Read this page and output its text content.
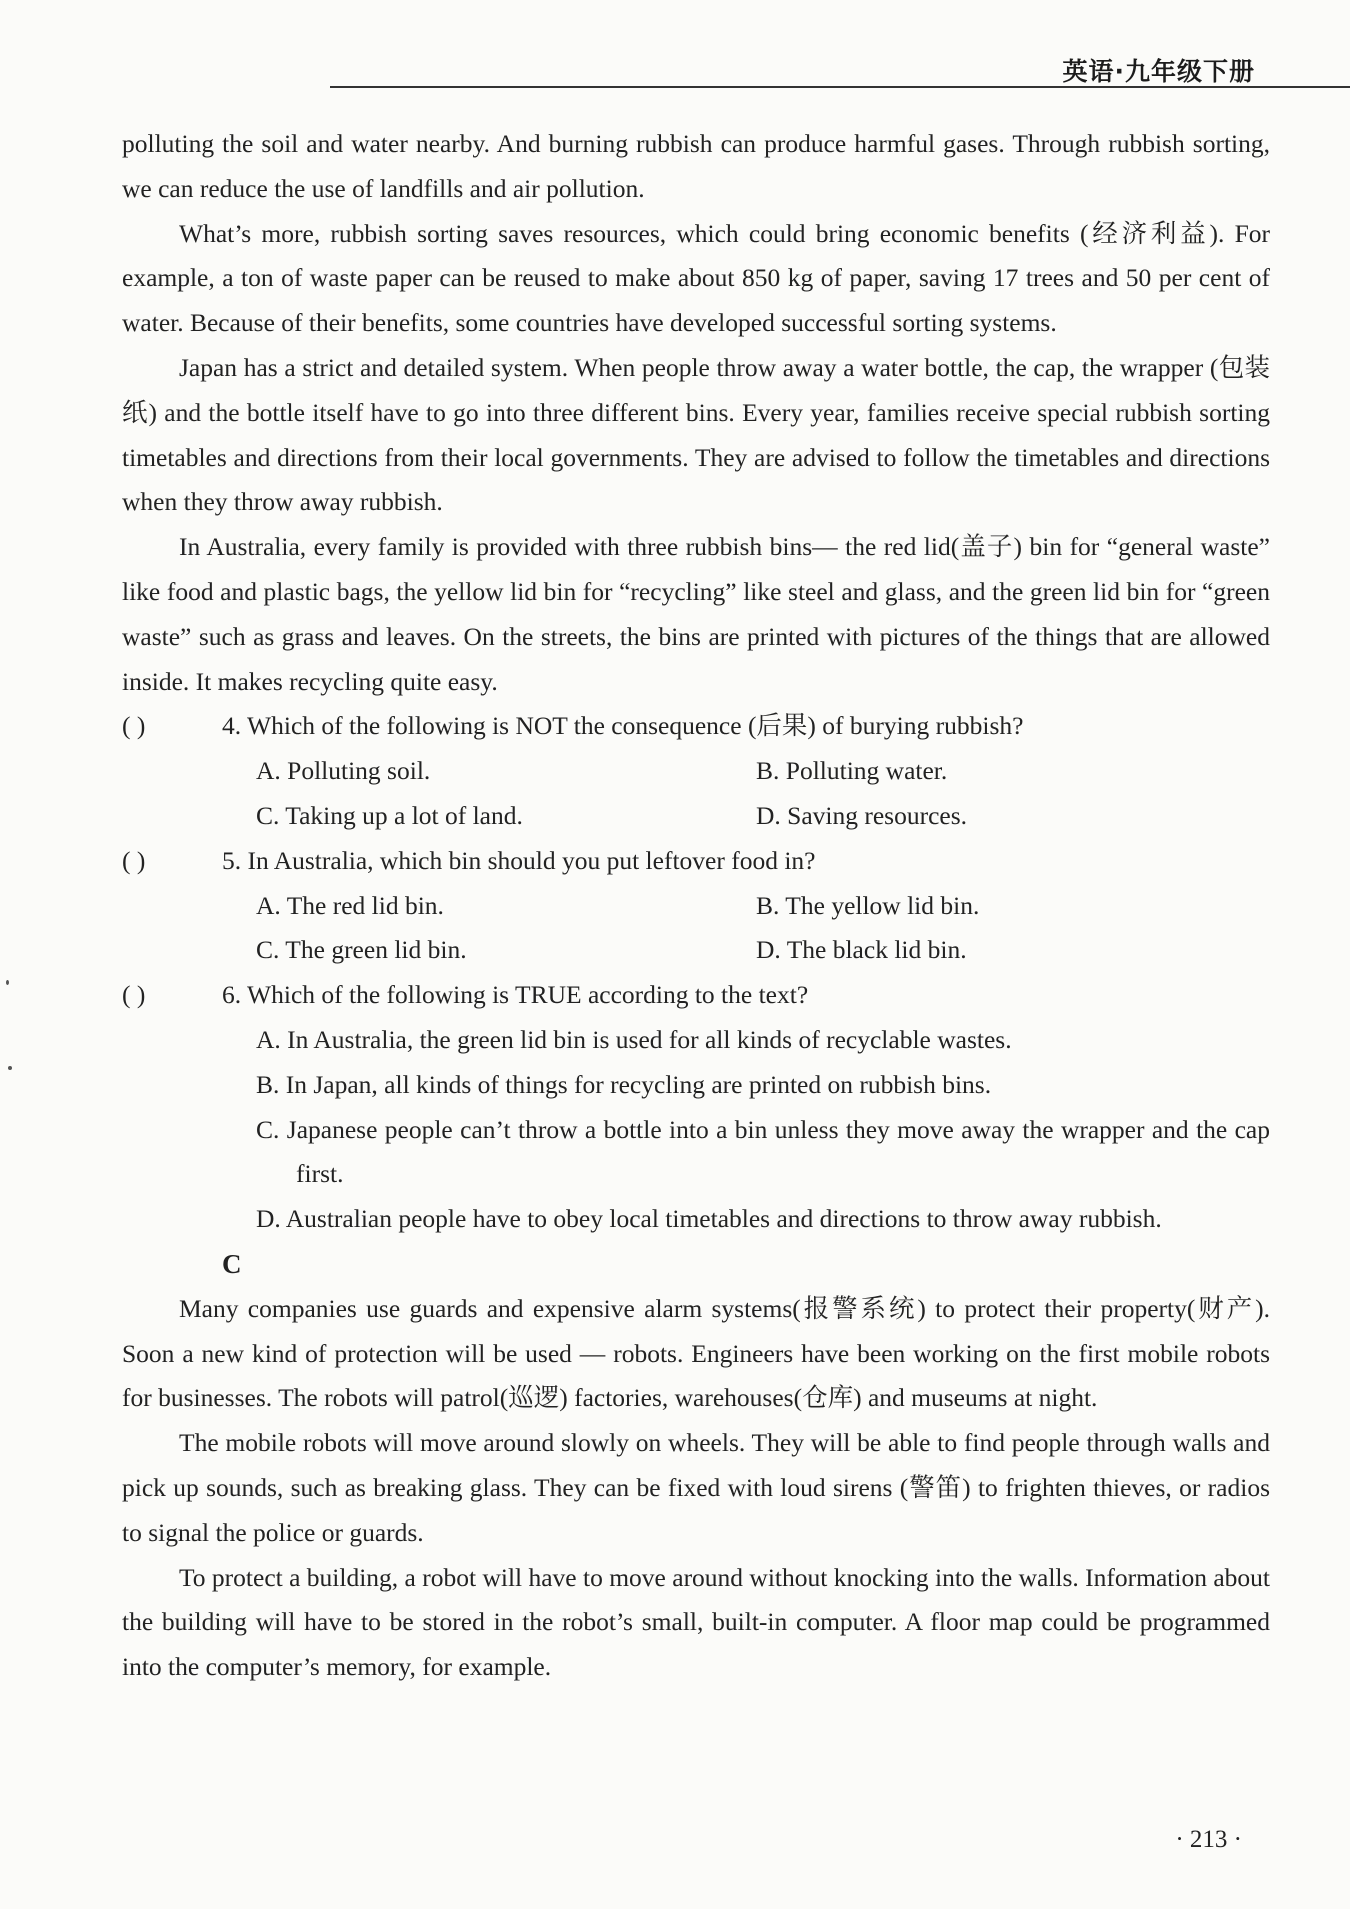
英语·九年级下册

polluting the soil and water nearby. And burning rubbish can produce harmful gases. Through rubbish sorting, we can reduce the use of landfills and air pollution.

What’s more, rubbish sorting saves resources, which could bring economic benefits (经济利益). For example, a ton of waste paper can be reused to make about 850 kg of paper, saving 17 trees and 50 per cent of water. Because of their benefits, some countries have developed successful sorting systems.

Japan has a strict and detailed system. When people throw away a water bottle, the cap, the wrapper (包装纸) and the bottle itself have to go into three different bins. Every year, families receive special rubbish sorting timetables and directions from their local governments. They are advised to follow the timetables and directions when they throw away rubbish.

In Australia, every family is provided with three rubbish bins— the red lid(盖子) bin for “general waste” like food and plastic bags, the yellow lid bin for “recycling” like steel and glass, and the green lid bin for “green waste” such as grass and leaves. On the streets, the bins are printed with pictures of the things that are allowed inside. It makes recycling quite easy.

( )	4. Which of the following is NOT the consequence (后果) of burying rubbish?

A. Polluting soil.	B. Polluting water.
C. Taking up a lot of land.	D. Saving resources.

( )	5. In Australia, which bin should you put leftover food in?

A. The red lid bin.	B. The yellow lid bin.
C. The green lid bin.	D. The black lid bin.

( )	6. Which of the following is TRUE according to the text?

A. In Australia, the green lid bin is used for all kinds of recyclable wastes.

B. In Japan, all kinds of things for recycling are printed on rubbish bins.

C. Japanese people can’t throw a bottle into a bin unless they move away the wrapper and the cap first.

D. Australian people have to obey local timetables and directions to throw away rubbish.

C

Many companies use guards and expensive alarm systems(报警系统) to protect their property(财产). Soon a new kind of protection will be used — robots. Engineers have been working on the first mobile robots for businesses. The robots will patrol(巡逻) factories, warehouses(仓库) and museums at night.

The mobile robots will move around slowly on wheels. They will be able to find people through walls and pick up sounds, such as breaking glass. They can be fixed with loud sirens (警笛) to frighten thieves, or radios to signal the police or guards.

To protect a building, a robot will have to move around without knocking into the walls. Information about the building will have to be stored in the robot’s small, built-in computer. A floor map could be programmed into the computer’s memory, for example.

· 213 ·
